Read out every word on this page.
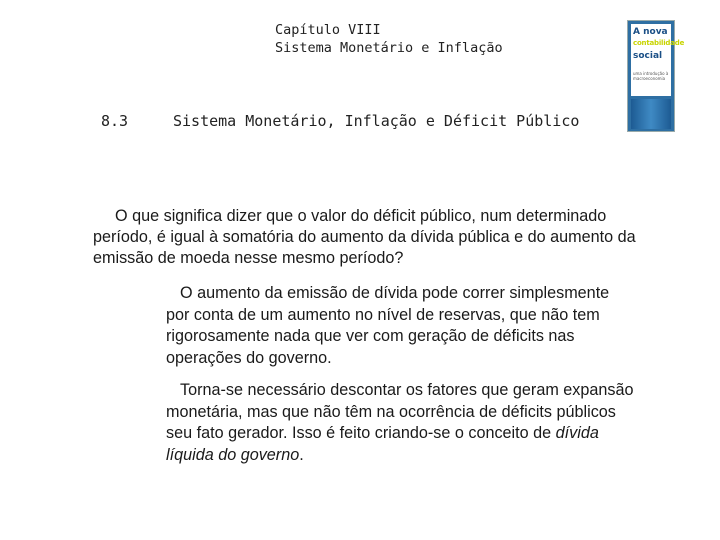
Capítulo VIII
Sistema Monetário e Inflação
A nova
contabilidade
social
uma introdução à macroeconomia
8.3	Sistema Monetário, Inflação e Déficit Público
O que significa dizer que o valor do déficit público, num determinado período, é igual à somatória do aumento da dívida pública e do aumento da emissão de moeda nesse mesmo período?
O aumento da emissão de dívida pode correr simplesmente por conta de um aumento no nível de reservas, que não tem rigorosamente nada que ver com geração de déficits nas operações do governo.
Torna-se necessário descontar os fatores que geram expansão monetária, mas que não têm na ocorrência de déficits públicos seu fato gerador. Isso é feito criando-se o conceito de dívida líquida do governo.
